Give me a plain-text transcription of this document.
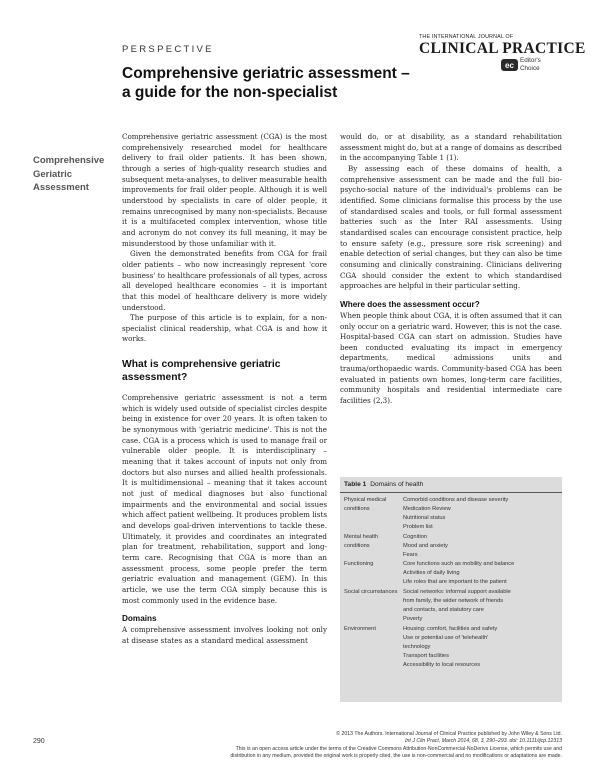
PERSPECTIVE
THE INTERNATIONAL JOURNAL OF
CLINICAL PRACTICE
ec
Editor's
Choice
Comprehensive geriatric assessment – a guide for the non-specialist
Comprehensive Geriatric Assessment

Comprehensive geriatric assessment (CGA) is the most comprehensively researched model for healthcare delivery to frail older patients. It has been shown, through a series of high-quality research studies and subsequent meta-analyses, to deliver measurable health improvements for frail older people. Although it is well understood by specialists in care of older people, it remains unrecognised by many non-specialists. Because it is a multifaceted complex intervention, whose title and acronym do not convey its full meaning, it may be misunderstood by those unfamiliar with it.

Given the demonstrated benefits from CGA for frail older patients – who now increasingly represent 'core business' to healthcare professionals of all types, across all developed healthcare economies – it is important that this model of healthcare delivery is more widely understood.

The purpose of this article is to explain, for a non-specialist clinical readership, what CGA is and how it works.

What is comprehensive geriatric assessment?

Comprehensive geriatric assessment is not a term which is widely used outside of specialist circles despite being in existence for over 20 years. It is often taken to be synonymous with 'geriatric medicine'. This is not the case. CGA is a process which is used to manage frail or vulnerable older people. It is interdisciplinary – meaning that it takes account of inputs not only from doctors but also nurses and allied health professionals. It is multidimensional – meaning that it takes account not just of medical diagnoses but also functional impairments and the environmental and social issues which affect patient wellbeing. It produces problem lists and develops goal-driven interventions to tackle these. Ultimately, it provides and coordinates an integrated plan for treatment, rehabilitation, support and long-term care. Recognising that CGA is more than an assessment process, some people prefer the term geriatric evaluation and management (GEM). In this article, we use the term CGA simply because this is most commonly used in the evidence base.

Domains

A comprehensive assessment involves looking not only at disease states as a standard medical assessment

would do, or at disability, as a standard rehabilitation assessment might do, but at a range of domains as described in the accompanying Table 1 (1).

By assessing each of these domains of health, a comprehensive assessment can be made and the full bio-psycho-social nature of the individual's problems can be identified. Some clinicians formalise this process by the use of standardised scales and tools, or full formal assessment batteries such as the Inter RAI assessments. Using standardised scales can encourage consistent practice, help to ensure safety (e.g., pressure sore risk screening) and enable detection of serial changes, but they can also be time consuming and clinically constraining. Clinicians delivering CGA should consider the extent to which standardised approaches are helpful in their particular setting.

Where does the assessment occur?

When people think about CGA, it is often assumed that it can only occur on a geriatric ward. However, this is not the case. Hospital-based CGA can start on admission. Studies have been conducted evaluating its impact in emergency departments, medical admissions units and trauma/orthopaedic wards. Community-based CGA has been evaluated in patients own homes, long-term care facilities, community hospitals and residential intermediate care facilities (2,3).

Table 1 Domains of health
Physical medical conditions
Comorbid conditions and disease severity
Medication Review
Nutritional status
Problem list
Mental health conditions
Cognition
Mood and anxiety
Fears
Functioning	Core functions such as mobility and balance
Activities of daily living
Life roles that are important to the patient
Social circumstances Social networks: informal support available
from family, the wider network of friends
and contacts, and statutory care
Poverty
Environment	Housing: comfort, facilities and safety
Use or potential use of 'telehealth'
technology
Transport facilities
Accessibility to local resources
290
© 2013 The Authors. International Journal of Clinical Practice published by John Wiley & Sons Ltd.
Int J Clin Pract, March 2014, 68, 3, 290–293. doi: 10.1111/ijcp.12313
This is an open access article under the terms of the Creative Commons Attribution-NonCommercial-NoDerivs License, which permits use and
distribution in any medium, provided the original work is properly cited, the use is non-commercial and no modifications or adaptations are made.
